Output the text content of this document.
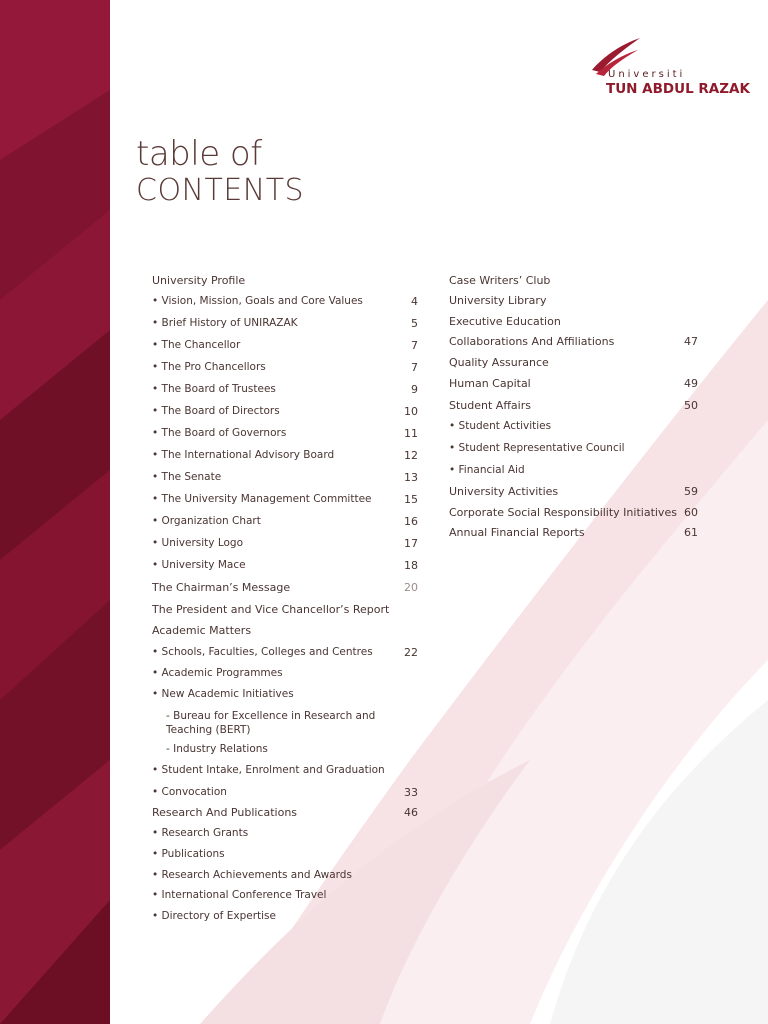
Universiti
TUN ABDUL RAZAK
table of
CONTENTS
University Profile
• Vision, Mission, Goals and Core Values	4
• Brief History of UNIRAZAK	5
• The Chancellor	7
• The Pro Chancellors	7
• The Board of Trustees	9
• The Board of Directors	10
• The Board of Governors	11
• The International Advisory Board	12
• The Senate	13
• The University Management Committee	15
• Organization Chart	16
• University Logo	17
• University Mace	18
The Chairman’s Message	20
The President and Vice Chancellor’s Report
Academic Matters
• Schools, Faculties, Colleges and Centres	22
• Academic Programmes
• New Academic Initiatives
- Bureau for Excellence in Research and Teaching (BERT)
- Industry Relations
• Student Intake, Enrolment and Graduation
• Convocation	33
Research And Publications	46
• Research Grants
• Publications
• Research Achievements and Awards
• International Conference Travel
• Directory of Expertise
Case Writers’ Club
University Library
Executive Education
Collaborations And Affiliations	47
Quality Assurance
Human Capital	49
Student Affairs	50
• Student Activities
• Student Representative Council
• Financial Aid
University Activities	59
Corporate Social Responsibility Initiatives 60
Annual Financial Reports	61
